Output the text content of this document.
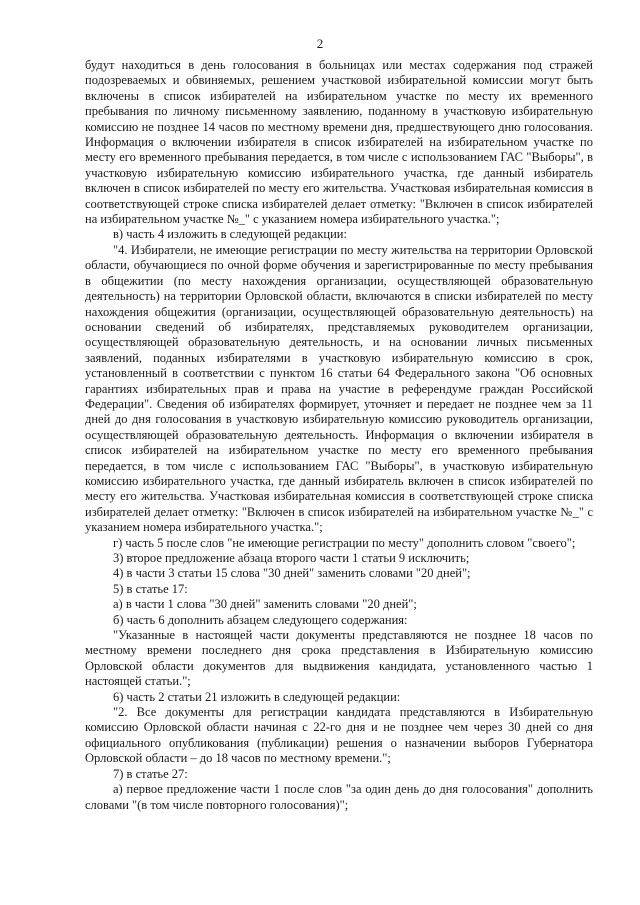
2

будут находиться в день голосования в больницах или местах содержания под стражей подозреваемых и обвиняемых, решением участковой избирательной комиссии могут быть включены в список избирателей на избирательном участке по месту их временного пребывания по личному письменному заявлению, поданному в участковую избирательную комиссию не позднее 14 часов по местному времени дня, предшествующего дню голосования. Информация о включении избирателя в список избирателей на избирательном участке по месту его временного пребывания передается, в том числе с использованием ГАС "Выборы", в участковую избирательную комиссию избирательного участка, где данный избиратель включен в список избирателей по месту его жительства. Участковая избирательная комиссия в соответствующей строке списка избирателей делает отметку: "Включен в список избирателей на избирательном участке №_" с указанием номера избирательного участка.";

в) часть 4 изложить в следующей редакции:

"4. Избиратели, не имеющие регистрации по месту жительства на территории Орловской области, обучающиеся по очной форме обучения и зарегистрированные по месту пребывания в общежитии (по месту нахождения организации, осуществляющей образовательную деятельность) на территории Орловской области, включаются в списки избирателей по месту нахождения общежития (организации, осуществляющей образовательную деятельность) на основании сведений об избирателях, представляемых руководителем организации, осуществляющей образовательную деятельность, и на основании личных письменных заявлений, поданных избирателями в участковую избирательную комиссию в срок, установленный в соответствии с пунктом 16 статьи 64 Федерального закона "Об основных гарантиях избирательных прав и права на участие в референдуме граждан Российской Федерации". Сведения об избирателях формирует, уточняет и передает не позднее чем за 11 дней до дня голосования в участковую избирательную комиссию руководитель организации, осуществляющей образовательную деятельность. Информация о включении избирателя в список избирателей на избирательном участке по месту его временного пребывания передается, в том числе с использованием ГАС "Выборы", в участковую избирательную комиссию избирательного участка, где данный избиратель включен в список избирателей по месту его жительства. Участковая избирательная комиссия в соответствующей строке списка избирателей делает отметку: "Включен в список избирателей на избирательном участке №_" с указанием номера избирательного участка.";

г) часть 5 после слов "не имеющие регистрации по месту" дополнить словом "своего";

3) второе предложение абзаца второго части 1 статьи 9 исключить;

4) в части 3 статьи 15 слова "30 дней" заменить словами "20 дней";

5) в статье 17:

а) в части 1 слова "30 дней" заменить словами "20 дней";

б) часть 6 дополнить абзацем следующего содержания:

"Указанные в настоящей части документы представляются не позднее 18 часов по местному времени последнего дня срока представления в Избирательную комиссию Орловской области документов для выдвижения кандидата, установленного частью 1 настоящей статьи.";

6) часть 2 статьи 21 изложить в следующей редакции:

"2. Все документы для регистрации кандидата представляются в Избирательную комиссию Орловской области начиная с 22-го дня и не позднее чем через 30 дней со дня официального опубликования (публикации) решения о назначении выборов Губернатора Орловской области – до 18 часов по местному времени.";

7) в статье 27:

а) первое предложение части 1 после слов "за один день до дня голосования" дополнить словами "(в том числе повторного голосования)";
